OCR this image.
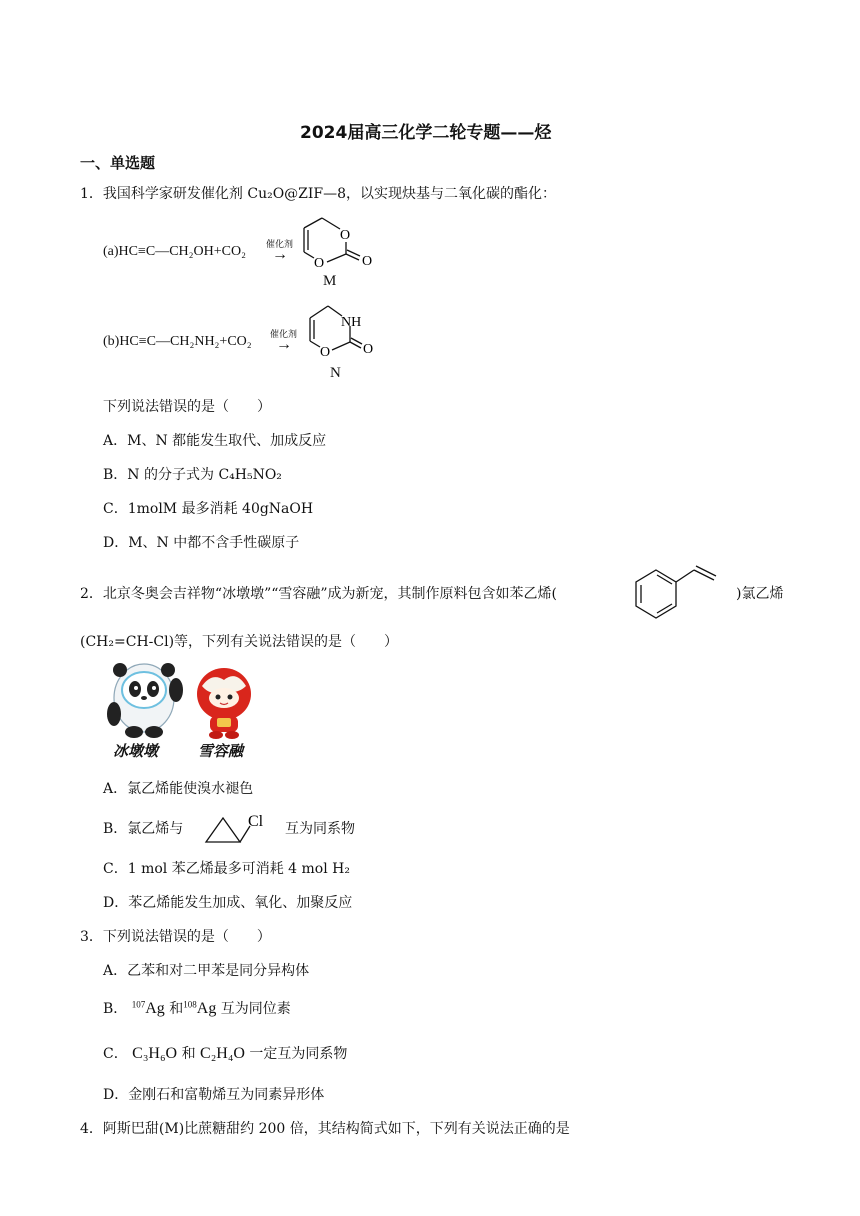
2024届高三化学二轮专题——烃
一、单选题
1．我国科学家研发催化剂 Cu₂O@ZIF—8，以实现炔基与二氧化碳的酯化：
(a)HC≡C—CH₂OH+CO₂ 催化剂
→
O
O	O
M
(b)HC≡C—CH₂NH₂+CO₂ 催化剂
→
NH
O O
N
下列说法错误的是（　　）
A．M、N 都能发生取代、加成反应
B．N 的分子式为 C₄H₅NO₂
C．1molM 最多消耗 40gNaOH
D．M、N 中都不含手性碳原子
2．北京冬奥会吉祥物“冰墩墩”“雪容融”成为新宠，其制作原料包含如苯乙烯(	)氯乙烯
(CH₂=CH-Cl)等，下列有关说法错误的是（　　）
冰墩墩	雪容融
A．氯乙烯能使溴水褪色
B．氯乙烯与	Cl 互为同系物
C．1 mol 苯乙烯最多可消耗 4 mol H₂
D．苯乙烯能发生加成、氧化、加聚反应
3．下列说法错误的是（　　）
A．乙苯和对二甲苯是同分异构体
B． $^{107}$Ag 和$^{108}$Ag 互为同位素
C． C₃H₆O 和 C₂H₄O 一定互为同系物
D．金刚石和富勒烯互为同素异形体
4．阿斯巴甜(M)比蔗糖甜约 200 倍，其结构简式如下，下列有关说法正确的是
